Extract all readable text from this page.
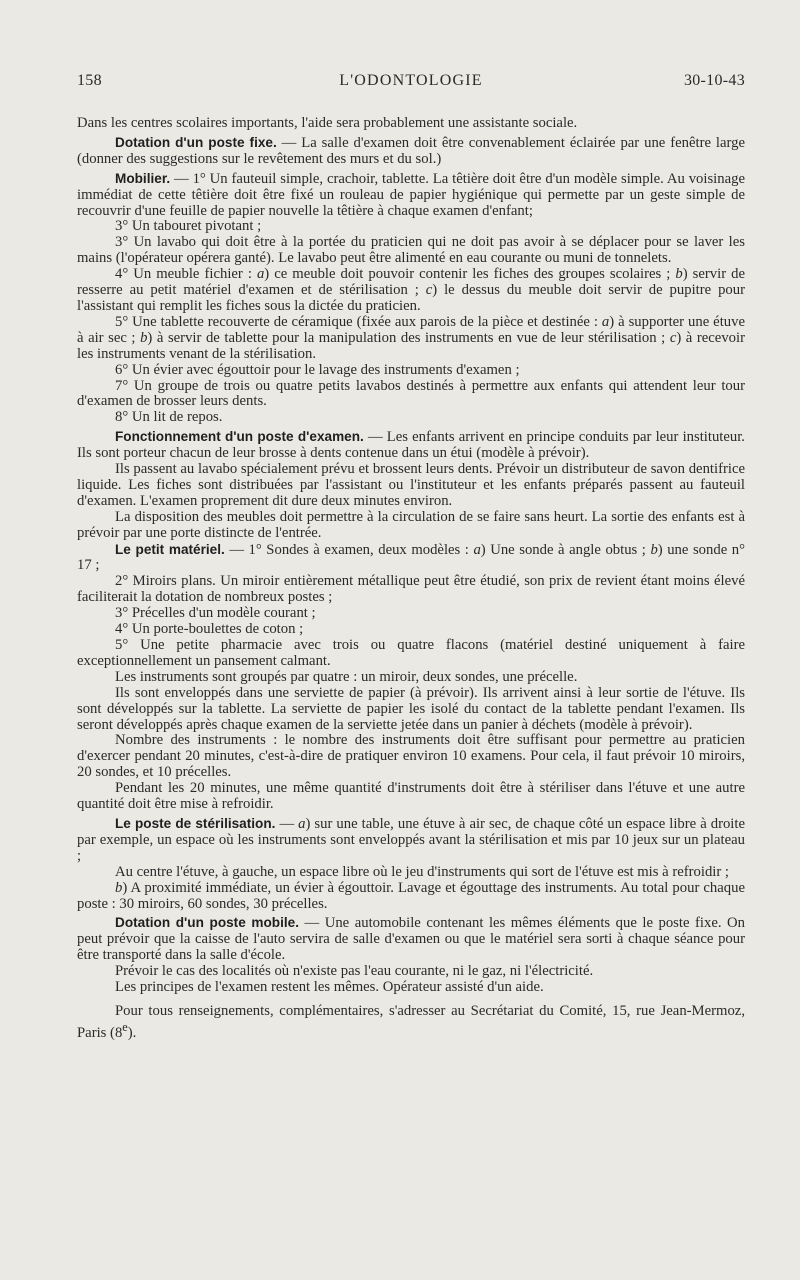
158	L'ODONTOLOGIE	30-10-43

Dans les centres scolaires importants, l'aide sera probablement une assistante sociale.

Dotation d'un poste fixe. — La salle d'examen doit être convenablement éclairée par une fenêtre large (donner des suggestions sur le revêtement des murs et du sol.)

Mobilier. — 1° Un fauteuil simple, crachoir, tablette. La têtière doit être d'un modèle simple. Au voisinage immédiat de cette têtière doit être fixé un rouleau de papier hygiénique qui permette par un geste simple de recouvrir d'une feuille de papier nouvelle la têtière à chaque examen d'enfant;

3° Un tabouret pivotant ;

3° Un lavabo qui doit être à la portée du praticien qui ne doit pas avoir à se déplacer pour se laver les mains (l'opérateur opérera ganté). Le lavabo peut être alimenté en eau courante ou muni de tonnelets.

4° Un meuble fichier : a) ce meuble doit pouvoir contenir les fiches des groupes scolaires ; b) servir de resserre au petit matériel d'examen et de stérilisation ; c) le dessus du meuble doit servir de pupitre pour l'assistant qui remplit les fiches sous la dictée du praticien.

5° Une tablette recouverte de céramique (fixée aux parois de la pièce et destinée : a) à supporter une étuve à air sec ; b) à servir de tablette pour la manipulation des instruments en vue de leur stérilisation ; c) à recevoir les instruments venant de la stérilisation.

6° Un évier avec égouttoir pour le lavage des instruments d'examen ;

7° Un groupe de trois ou quatre petits lavabos destinés à permettre aux enfants qui attendent leur tour d'examen de brosser leurs dents.

8° Un lit de repos.

Fonctionnement d'un poste d'examen. — Les enfants arrivent en principe conduits par leur instituteur. Ils sont porteur chacun de leur brosse à dents contenue dans un étui (modèle à prévoir).

Ils passent au lavabo spécialement prévu et brossent leurs dents. Prévoir un distributeur de savon dentifrice liquide. Les fiches sont distribuées par l'assistant ou l'instituteur et les enfants préparés passent au fauteuil d'examen. L'examen proprement dit dure deux minutes environ.

La disposition des meubles doit permettre à la circulation de se faire sans heurt. La sortie des enfants est à prévoir par une porte distincte de l'entrée.

Le petit matériel. — 1° Sondes à examen, deux modèles : a) Une sonde à angle obtus ; b) une sonde n° 17 ;

2° Miroirs plans. Un miroir entièrement métallique peut être étudié, son prix de revient étant moins élevé faciliterait la dotation de nombreux postes ;

3° Précelles d'un modèle courant ;

4° Un porte-boulettes de coton ;

5° Une petite pharmacie avec trois ou quatre flacons (matériel destiné uniquement à faire exceptionnellement un pansement calmant.

Les instruments sont groupés par quatre : un miroir, deux sondes, une précelle.

Ils sont enveloppés dans une serviette de papier (à prévoir). Ils arrivent ainsi à leur sortie de l'étuve. Ils sont développés sur la tablette. La serviette de papier les isolé du contact de la tablette pendant l'examen. Ils seront développés après chaque examen de la serviette jetée dans un panier à déchets (modèle à prévoir).

Nombre des instruments : le nombre des instruments doit être suffisant pour permettre au praticien d'exercer pendant 20 minutes, c'est-à-dire de pratiquer environ 10 examens. Pour cela, il faut prévoir 10 miroirs, 20 sondes, et 10 précelles.

Pendant les 20 minutes, une même quantité d'instruments doit être à stériliser dans l'étuve et une autre quantité doit être mise à refroidir.

Le poste de stérilisation. — a) sur une table, une étuve à air sec, de chaque côté un espace libre à droite par exemple, un espace où les instruments sont enveloppés avant la stérilisation et mis par 10 jeux sur un plateau ;

Au centre l'étuve, à gauche, un espace libre où le jeu d'instruments qui sort de l'étuve est mis à refroidir ;

b) A proximité immédiate, un évier à égouttoir. Lavage et égouttage des instruments. Au total pour chaque poste : 30 miroirs, 60 sondes, 30 précelles.

Dotation d'un poste mobile. — Une automobile contenant les mêmes éléments que le poste fixe. On peut prévoir que la caisse de l'auto servira de salle d'examen ou que le matériel sera sorti à chaque séance pour être transporté dans la salle d'école.

Prévoir le cas des localités où n'existe pas l'eau courante, ni le gaz, ni l'électricité.

Les principes de l'examen restent les mêmes. Opérateur assisté d'un aide.

Pour tous renseignements, complémentaires, s'adresser au Secrétariat du Comité, 15, rue Jean-Mermoz, Paris (8e).
